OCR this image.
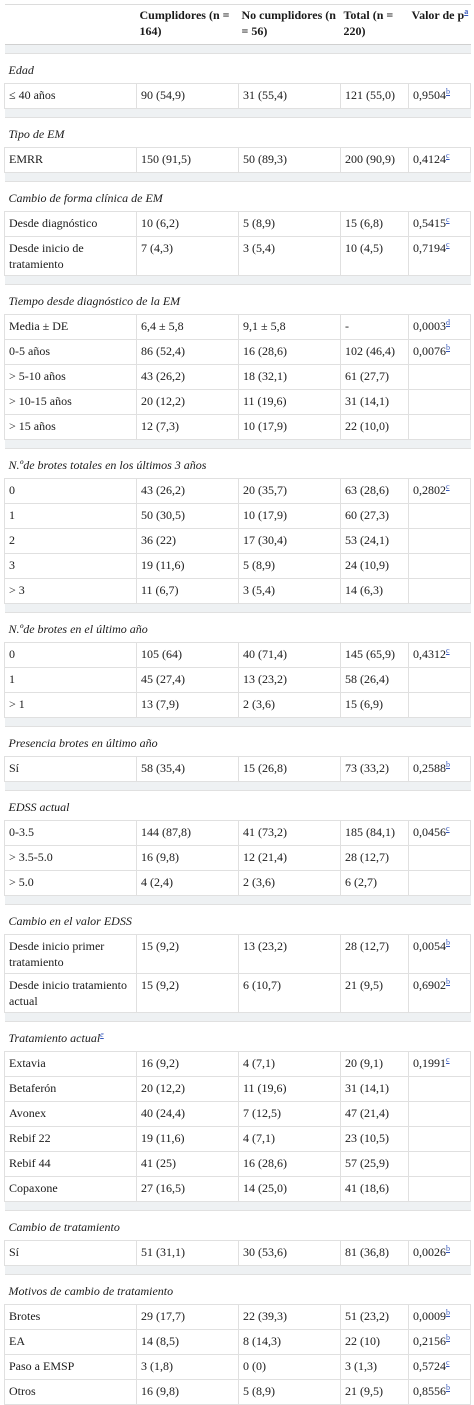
	Cumplidores (n = 164)	No cumplidores (n = 56)	Total (n = 220)	Valor de $p^a$

Edad				
≤ 40 años	90 (54,9)	31 (55,4)	121 (55,0)	0,9504$^b$

Tipo de EM				
EMRR	150 (91,5)	50 (89,3)	200 (90,9)	0,4124$^c$

Cambio de forma clínica de EM				
Desde diagnóstico	10 (6,2)	5 (8,9)	15 (6,8)	0,5415$^c$
Desde inicio de tratamiento	7 (4,3)	3 (5,4)	10 (4,5)	0,7194$^c$

Tiempo desde diagnóstico de la EM				
Media ± DE	6,4 ± 5,8	9,1 ± 5,8	-	0,0003$^d$
0-5 años	86 (52,4)	16 (28,6)	102 (46,4)	0,0076$^b$
> 5-10 años	43 (26,2)	18 (32,1)	61 (27,7)	
> 10-15 años	20 (12,2)	11 (19,6)	31 (14,1)	
> 15 años	12 (7,3)	10 (17,9)	22 (10,0)	

N.ºde brotes totales en los últimos 3 años				
0	43 (26,2)	20 (35,7)	63 (28,6)	0,2802$^c$
1	50 (30,5)	10 (17,9)	60 (27,3)	
2	36 (22)	17 (30,4)	53 (24,1)	
3	19 (11,6)	5 (8,9)	24 (10,9)	
> 3	11 (6,7)	3 (5,4)	14 (6,3)	

N.ºde brotes en el último año				
0	105 (64)	40 (71,4)	145 (65,9)	0,4312$^c$
1	45 (27,4)	13 (23,2)	58 (26,4)	
> 1	13 (7,9)	2 (3,6)	15 (6,9)	

Presencia brotes en último año				
Sí	58 (35,4)	15 (26,8)	73 (33,2)	0,2588$^b$

EDSS actual				
0-3.5	144 (87,8)	41 (73,2)	185 (84,1)	0,0456$^c$
> 3.5-5.0	16 (9,8)	12 (21,4)	28 (12,7)	
> 5.0	4 (2,4)	2 (3,6)	6 (2,7)	

Cambio en el valor EDSS				
Desde inicio primer tratamiento	15 (9,2)	13 (23,2)	28 (12,7)	0,0054$^b$
Desde inicio tratamiento actual	15 (9,2)	6 (10,7)	21 (9,5)	0,6902$^b$

Tratamiento actual$^e$
Extavia	16 (9,2)	4 (7,1)	20 (9,1)	0,1991$^c$
Betaferón	20 (12,2)	11 (19,6)	31 (14,1)	
Avonex	40 (24,4)	7 (12,5)	47 (21,4)	
Rebif 22	19 (11,6)	4 (7,1)	23 (10,5)	
Rebif 44	41 (25)	16 (28,6)	57 (25,9)	
Copaxone	27 (16,5)	14 (25,0)	41 (18,6)	

Cambio de tratamiento				
Sí	51 (31,1)	30 (53,6)	81 (36,8)	0,0026$^b$

Motivos de cambio de tratamiento				
Brotes	29 (17,7)	22 (39,3)	51 (23,2)	0,0009$^b$
EA	14 (8,5)	8 (14,3)	22 (10)	0,2156$^b$
Paso a EMSP	3 (1,8)	0 (0)	3 (1,3)	0,5724$^c$
Otros	16 (9,8)	5 (8,9)	21 (9,5)	0,8556$^b$
